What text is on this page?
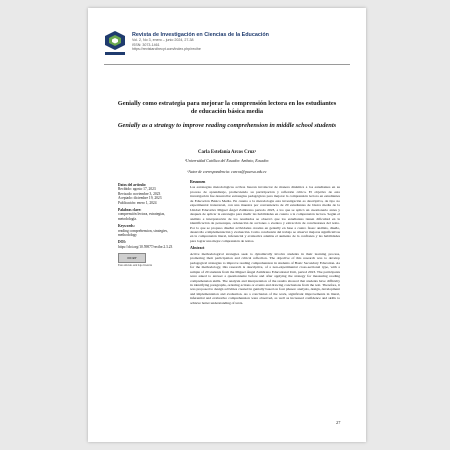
Revista de Investigación en Ciencias de la Educación
Vol. 2, No 3, enero – junio 2024, 27-38
ISSN: 3073-1461
https://revistarcihecyt.com/index.php/recihe
Genially como estrategia para mejorar la comprensión lectora en los estudiantes de educación básica media
Genially as a strategy to improve reading comprehension in middle school students
Carla Estefanía Arcos Cruz¹
¹Universidad Católica del Ecuador. Ambato, Ecuador.
¹Autor de correspondencia: carcos@pucesa.edu.ec
Datos del artículo:
Recibido: agosto 17, 2023
Revisado: noviembre 3, 2023
Aceptado: diciembre 19, 2023
Publicación: enero 1, 2024
Palabras clave:
comprensión lectora, estrategias, metodología.
Keywords:
reading comprehension, strategies, methodology
DOI:
https://doi.org/10.59877/recihe.2.3.23
CC BY
Este artículo está bajo licencia
Resumen

Las estrategias metodológicas activas buscan involucrar de manera dinámica a los estudiantes en su proceso de aprendizaje, promoviendo su participación y reflexión crítica. El objetivo de esta investigación fue desarrollar estrategias pedagógicas para mejorar la comprensión lectora en estudiantes de Educación Básica Media. En cuanto a la metodología esta investigación es descriptiva, de tipo no experimental transversal, con una muestra por conveniencia de 20 estudiantes de básica media de la Unidad Educativa Miguel Ángel Zambrano periodo 2023, a los que se aplicó un cuestionario antes y después de aplicar la estrategia para medir las habilidades en cuanto a la comprensión lectora. Según el análisis e interpretación de los resultados se observó que los estudiantes tienen dificultad en la identificación de personajes, ordenación de acciones o eventos y extracción de conclusiones del texto. Por lo que se propuso diseñar actividades creadas en genially en base a cuatro fases: análisis, diseño, desarrollo e implementación y evaluación. Como conclusión del trabajo se observó mejoras significativas en la comprensión literal, inferencial y evaluativa además el aumento de la confianza y las habilidades para lograr una mejor comprensión de textos.

Abstract

Active methodological strategies seek to dynamically involve students in their learning process, promoting their participation and critical reflection. The objective of this research was to develop pedagogical strategies to improve reading comprehension in students of Basic Secondary Education. As for the methodology, this research is descriptive, of a non-experimental cross-sectional type, with a sample of 20 students from the Miguel Ángel Zambrano Educational Unit, period 2023. The participants were asked to answer a questionnaire before and after applying the strategy for measuring reading comprehension skills. The analysis and interpretation of the results showed that students have difficulty in identifying paragraphs, ordering actions or events and drawing conclusions from the text. Therefore, it was proposed to design activities created in genially based on four phases: analysis, design, development and implementation and evaluation. As a conclusion of the work, significant improvements in literal, inferential and evaluative comprehension were observed, as well as increased confidence and skills to achieve better understanding of texts.

27
